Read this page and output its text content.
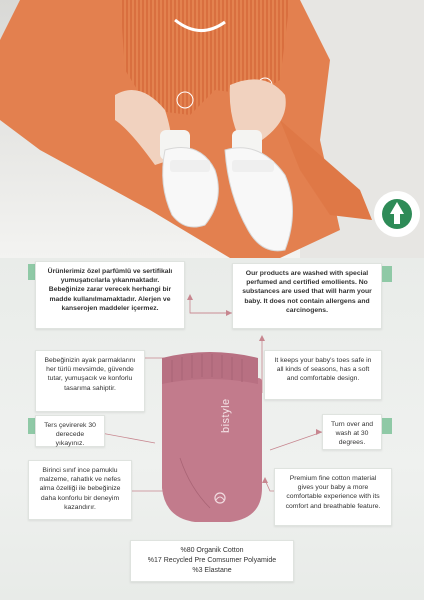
Ürünlerimiz özel parfümlü ve sertifikalı yumuşatıcılarla yıkanmaktadır. Bebeğinize zarar verecek herhangi bir madde kullanılmamaktadır. Alerjen ve kanserojen maddeler içermez.
Bebeğinizin ayak parmaklarını her türlü mevsimde, güvende tutar, yumuşacık ve konforlu tasarıma sahiptir.
Ters çevirerek 30 derecede yıkayınız.
Birinci sınıf ince pamuklu malzeme, rahatlık ve nefes alma özelliği ile bebeğinize daha konforlu bir deneyim kazandırır.
Our products are washed with special perfumed and certified emollients. No substances are used that will harm your baby. It does not contain allergens and carcinogens.
It keeps your baby's toes safe in all kinds of seasons, has a soft and comfortable design.
Turn over and wash at 30 degrees.
Premium fine cotton material gives your baby a more comfortable experience with its comfort and breathable feature.
bistyle
%80 Organik Cotton
%17 Recycled Pre Comsumer Polyamide
%3 Elastane
